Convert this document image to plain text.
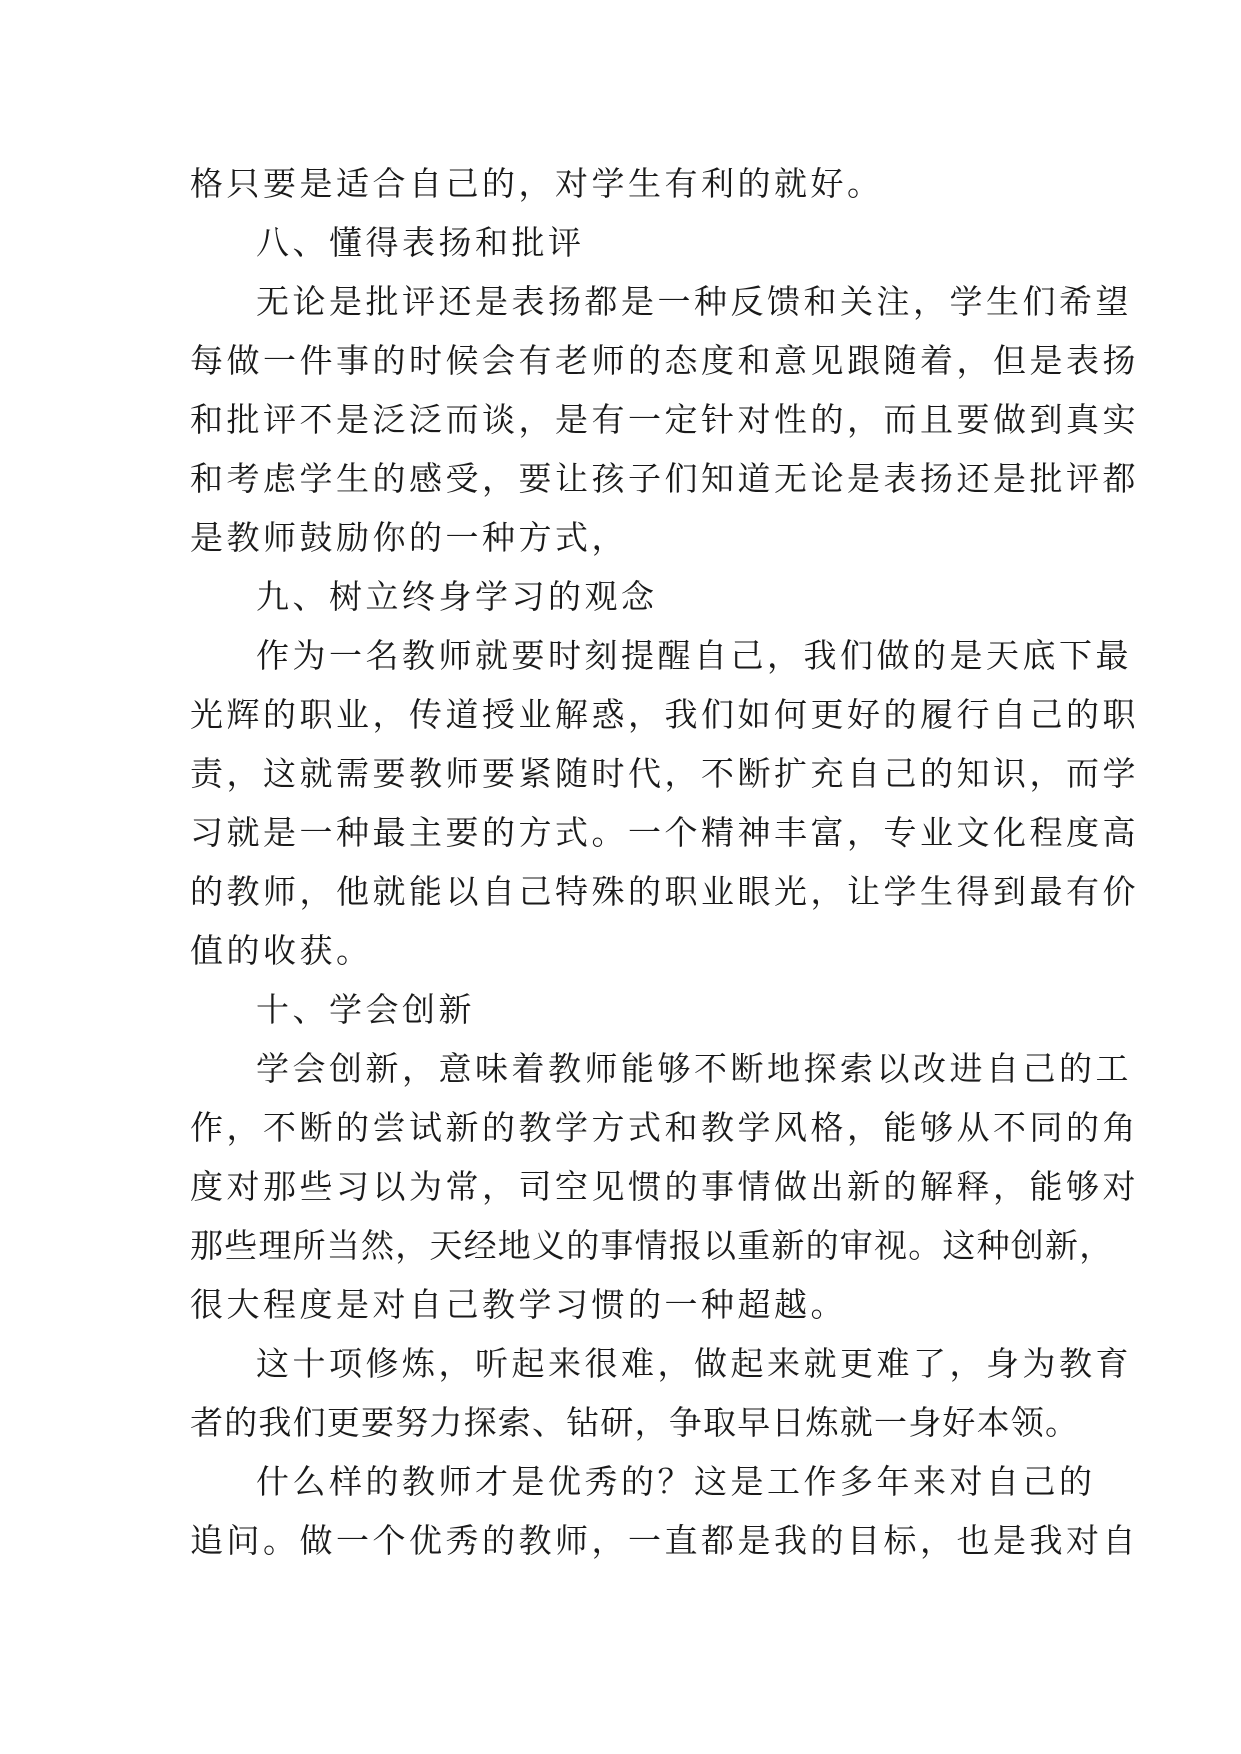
格只要是适合自己的，对学生有利的就好。
八、懂得表扬和批评
无论是批评还是表扬都是一种反馈和关注，学生们希望
每做一件事的时候会有老师的态度和意见跟随着，但是表扬
和批评不是泛泛而谈，是有一定针对性的，而且要做到真实
和考虑学生的感受，要让孩子们知道无论是表扬还是批评都
是教师鼓励你的一种方式，
九、树立终身学习的观念
作为一名教师就要时刻提醒自己，我们做的是天底下最
光辉的职业，传道授业解惑，我们如何更好的履行自己的职
责，这就需要教师要紧随时代，不断扩充自己的知识，而学
习就是一种最主要的方式。一个精神丰富，专业文化程度高
的教师，他就能以自己特殊的职业眼光，让学生得到最有价
值的收获。
十、学会创新
学会创新，意味着教师能够不断地探索以改进自己的工
作，不断的尝试新的教学方式和教学风格，能够从不同的角
度对那些习以为常，司空见惯的事情做出新的解释，能够对
那些理所当然，天经地义的事情报以重新的审视。这种创新，
很大程度是对自己教学习惯的一种超越。
这十项修炼，听起来很难，做起来就更难了，身为教育
者的我们更要努力探索、钻研，争取早日炼就一身好本领。
什么样的教师才是优秀的？这是工作多年来对自己的
追问。做一个优秀的教师，一直都是我的目标，也是我对自
